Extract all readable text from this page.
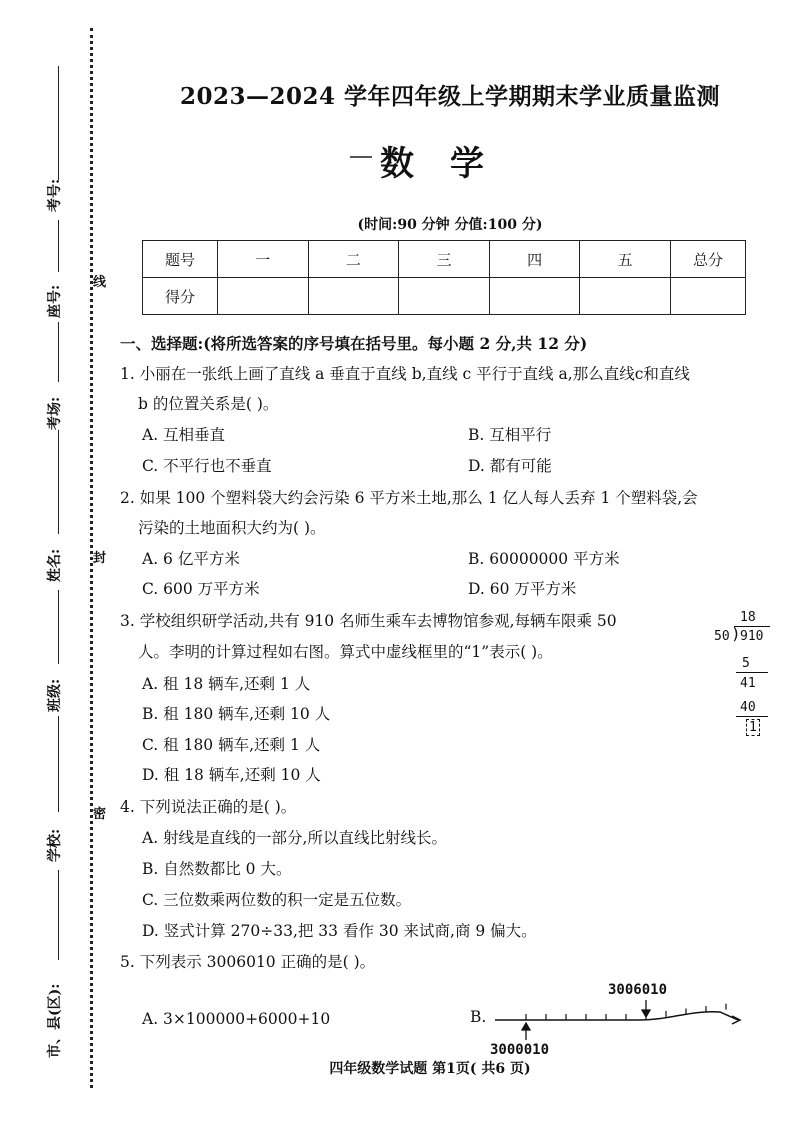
线
封
密
考号:
座号:
考场:
姓名:
班级:
学校:
市、县(区):
2023—2024 学年四年级上学期期末学业质量监测
数学
(时间:90 分钟 分值:100 分)
题号	一	二	三	四	五	总分
得分						
一、选择题:(将所选答案的序号填在括号里。每小题 2 分,共 12 分)
1. 小丽在一张纸上画了直线 a 垂直于直线 b,直线 c 平行于直线 a,那么直线c和直线
b 的位置关系是( )。
A. 互相垂直	B. 互相平行
C. 不平行也不垂直	D. 都有可能
2. 如果 100 个塑料袋大约会污染 6 平方米土地,那么 1 亿人每人丢弃 1 个塑料袋,会
污染的土地面积大约为( )。
A. 6 亿平方米	B. 60000000 平方米
C. 600 万平方米	D. 60 万平方米
3. 学校组织研学活动,共有 910 名师生乘车去博物馆参观,每辆车限乘 50
人。李明的计算过程如右图。算式中虚线框里的“1”表示( )。
A. 租 18 辆车,还剩 1 人
B. 租 180 辆车,还剩 10 人
C. 租 180 辆车,还剩 1 人
D. 租 18 辆车,还剩 10 人
18
50 ) 910
5
41
40
1
4. 下列说法正确的是( )。
A. 射线是直线的一部分,所以直线比射线长。
B. 自然数都比 0 大。
C. 三位数乘两位数的积一定是五位数。
D. 竖式计算 270÷33,把 33 看作 30 来试商,商 9 偏大。
5. 下列表示 3006010 正确的是( )。
A. 3×100000+6000+10	B.
3006010
3000010
四年级数学试题 第1页( 共6 页)
